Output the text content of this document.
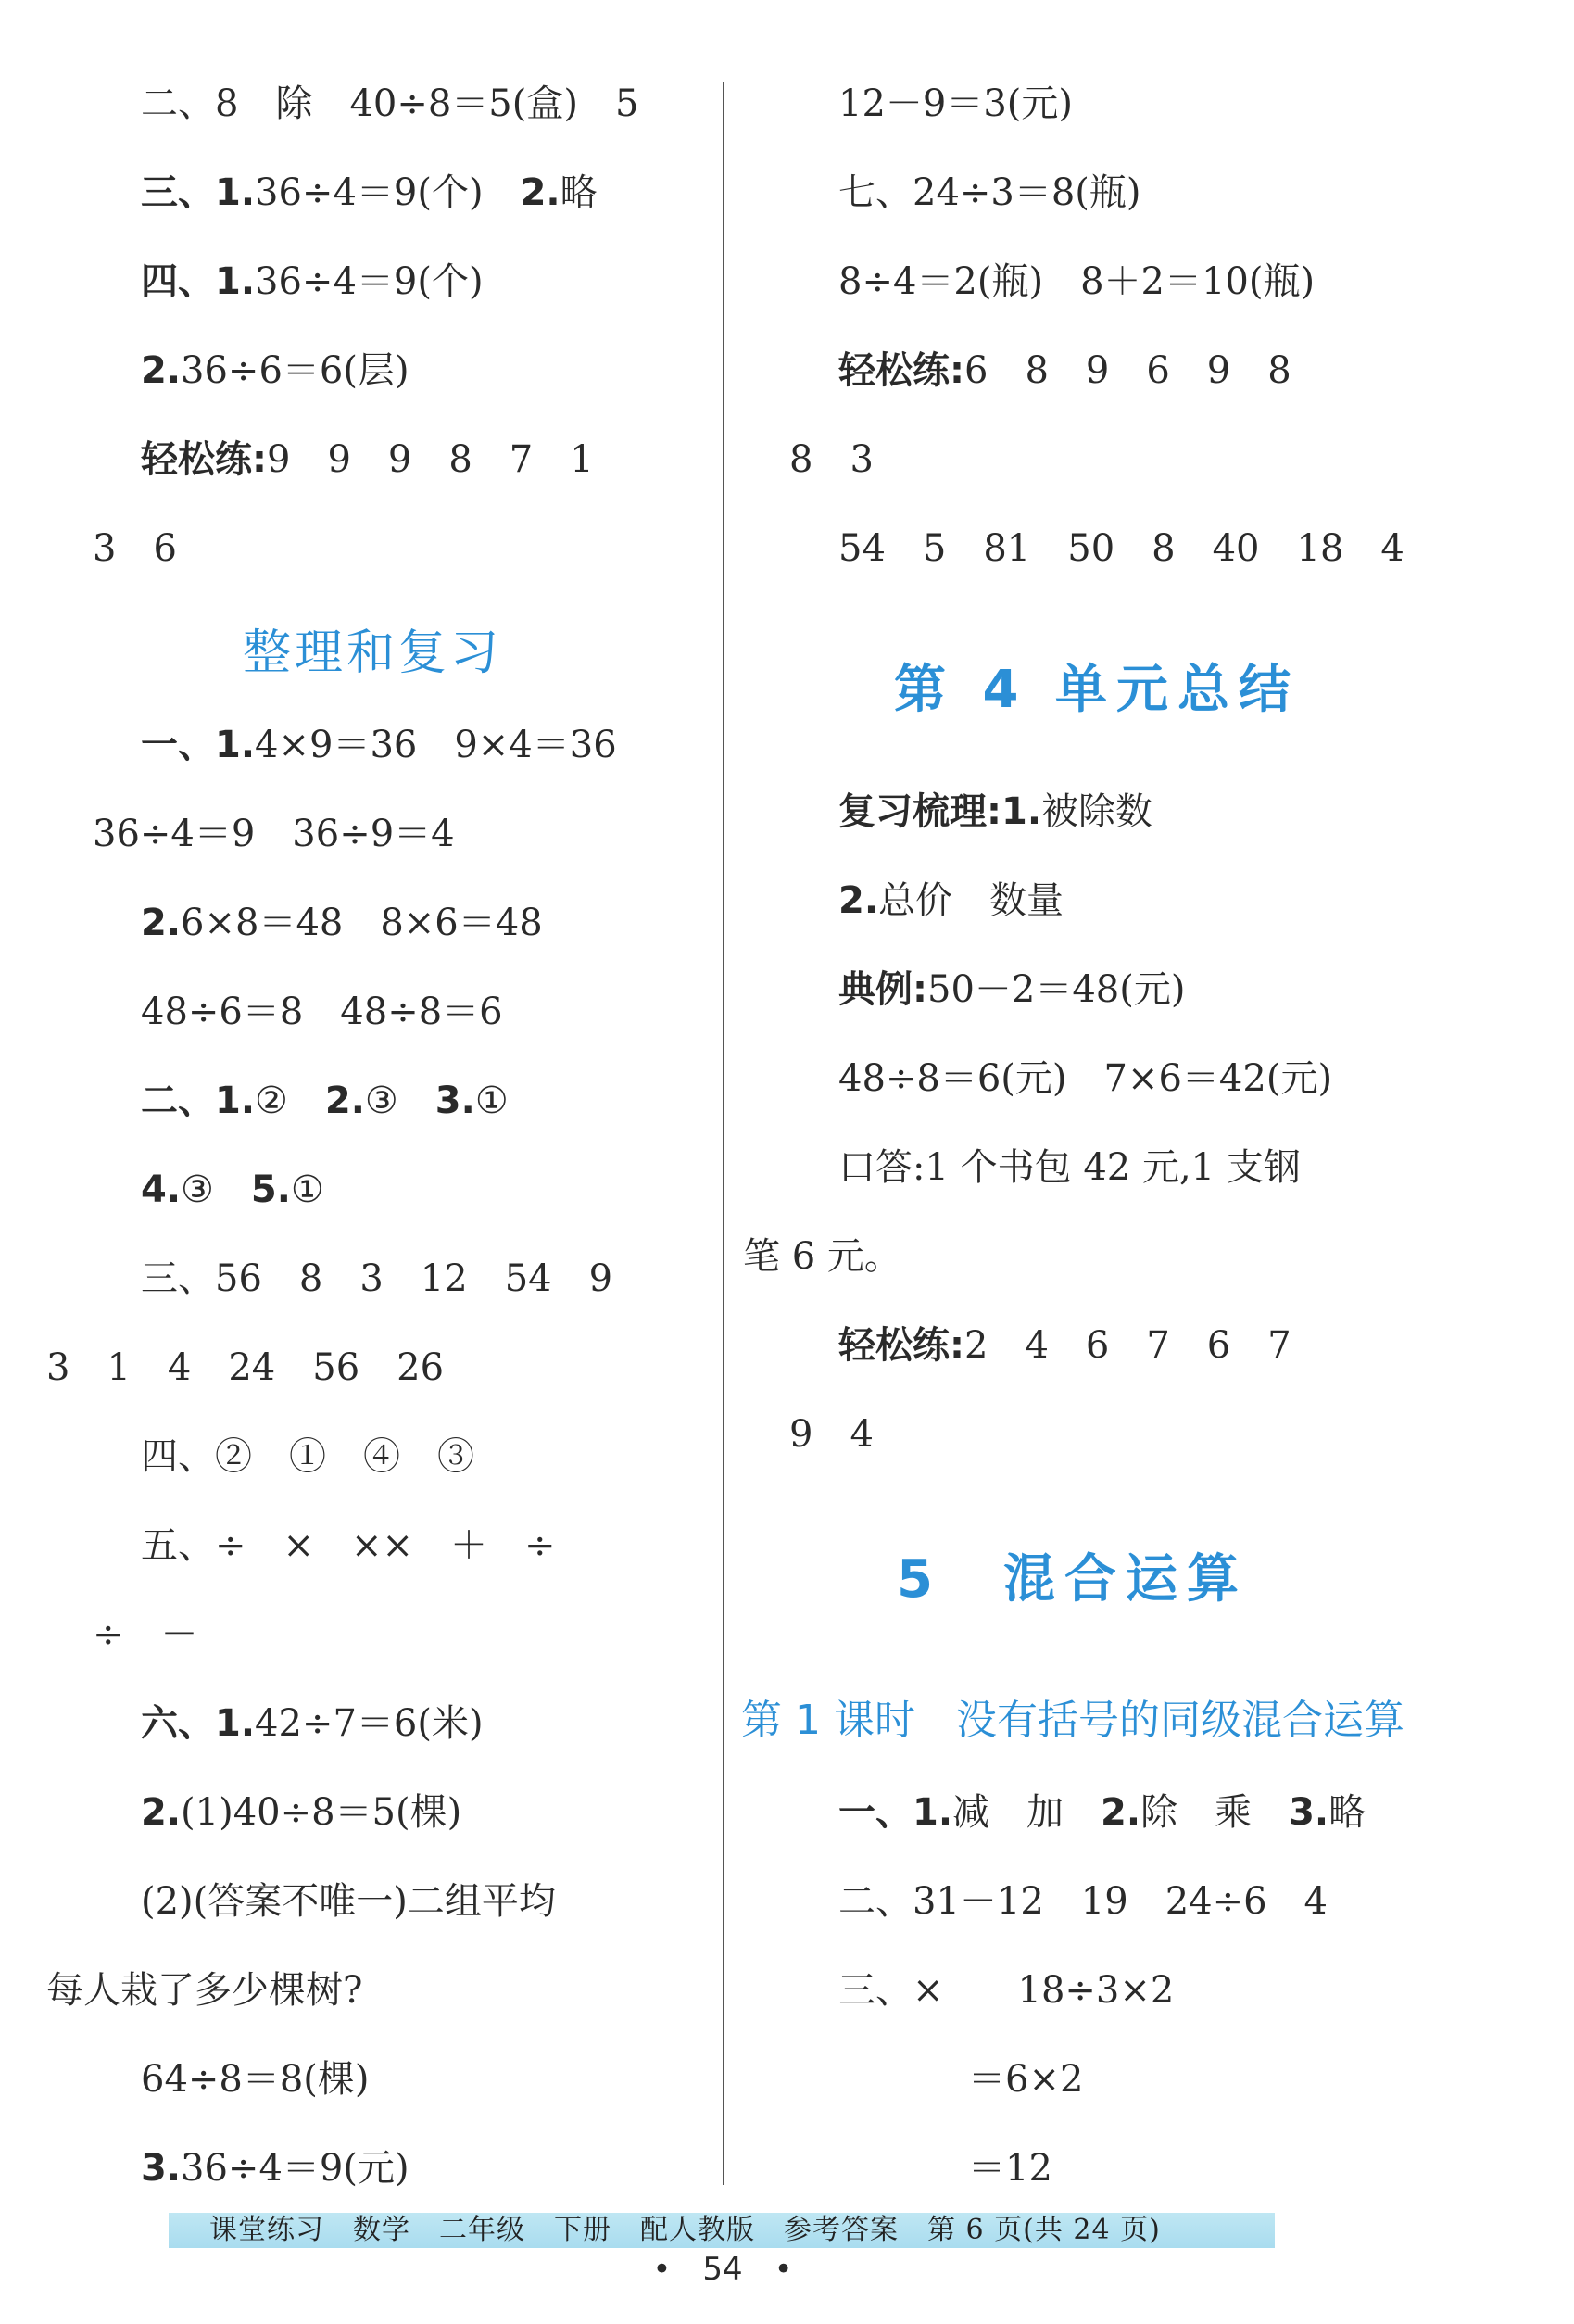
二、8　除　40÷8＝5(盒)　5
三、1.36÷4＝9(个)　2.略
四、1.36÷4＝9(个)
2.36÷6＝6(层)
轻松练:9　9　9　8　7　1
3　6
整理和复习
一、1.4×9＝36　9×4＝36
36÷4＝9　36÷9＝4
2.6×8＝48　8×6＝48
48÷6＝8　48÷8＝6
二、1.②　2.③　3.①
4.③　5.①
三、56　8　3　12　54　9
3　1　4　24　56　26
四、②　①　④　③
五、÷　×　××　＋　÷
÷　－
六、1.42÷7＝6(米)
2.(1)40÷8＝5(棵)
(2)(答案不唯一)二组平均
每人栽了多少棵树?
64÷8＝8(棵)
3.36÷4＝9(元)
12－9＝3(元)
七、24÷3＝8(瓶)
8÷4＝2(瓶)　8＋2＝10(瓶)
轻松练:6　8　9　6　9　8
8　3
54　5　81　50　8　40　18　4
第 4 单元总结
复习梳理:1.被除数
2.总价　数量
典例:50－2＝48(元)
48÷8＝6(元)　7×6＝42(元)
口答:1 个书包 42 元,1 支钢
笔 6 元。
轻松练:2　4　6　7　6　7
9　4
5　混合运算
第 1 课时　没有括号的同级混合运算
一、1.减　加　2.除　乘　3.略
二、31－12　19　24÷6　4
三、×　　18÷3×2
＝6×2
＝12
课堂练习　数学　二年级　下册　配人教版　参考答案　第 6 页(共 24 页)
•　54　•
